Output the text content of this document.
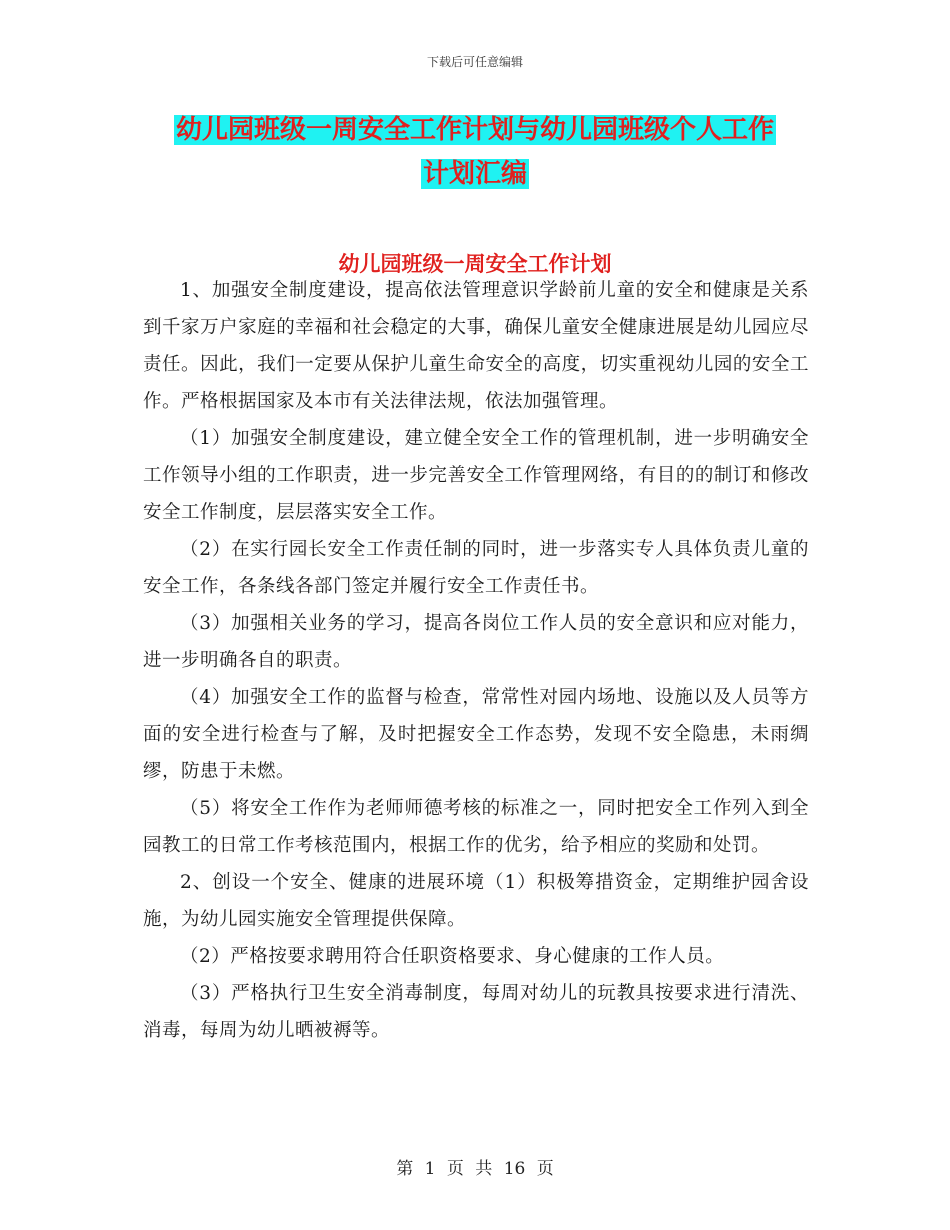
下载后可任意编辑
幼儿园班级一周安全工作计划与幼儿园班级个人工作
计划汇编
幼儿园班级一周安全工作计划

1、加强安全制度建设，提高依法管理意识学龄前儿童的安全和健康是关系到千家万户家庭的幸福和社会稳定的大事，确保儿童安全健康进展是幼儿园应尽责任。因此，我们一定要从保护儿童生命安全的高度，切实重视幼儿园的安全工作。严格根据国家及本市有关法律法规，依法加强管理。

（1）加强安全制度建设，建立健全安全工作的管理机制，进一步明确安全工作领导小组的工作职责，进一步完善安全工作管理网络，有目的的制订和修改安全工作制度，层层落实安全工作。

（2）在实行园长安全工作责任制的同时，进一步落实专人具体负责儿童的安全工作，各条线各部门签定并履行安全工作责任书。

（3）加强相关业务的学习，提高各岗位工作人员的安全意识和应对能力，进一步明确各自的职责。

（4）加强安全工作的监督与检查，常常性对园内场地、设施以及人员等方面的安全进行检查与了解，及时把握安全工作态势，发现不安全隐患，未雨绸缪，防患于未燃。

（5）将安全工作作为老师师德考核的标准之一，同时把安全工作列入到全园教工的日常工作考核范围内，根据工作的优劣，给予相应的奖励和处罚。

2、创设一个安全、健康的进展环境（1）积极筹措资金，定期维护园舍设施，为幼儿园实施安全管理提供保障。

（2）严格按要求聘用符合任职资格要求、身心健康的工作人员。

（3）严格执行卫生安全消毒制度，每周对幼儿的玩教具按要求进行清洗、消毒，每周为幼儿晒被褥等。

第 1 页 共 16 页
